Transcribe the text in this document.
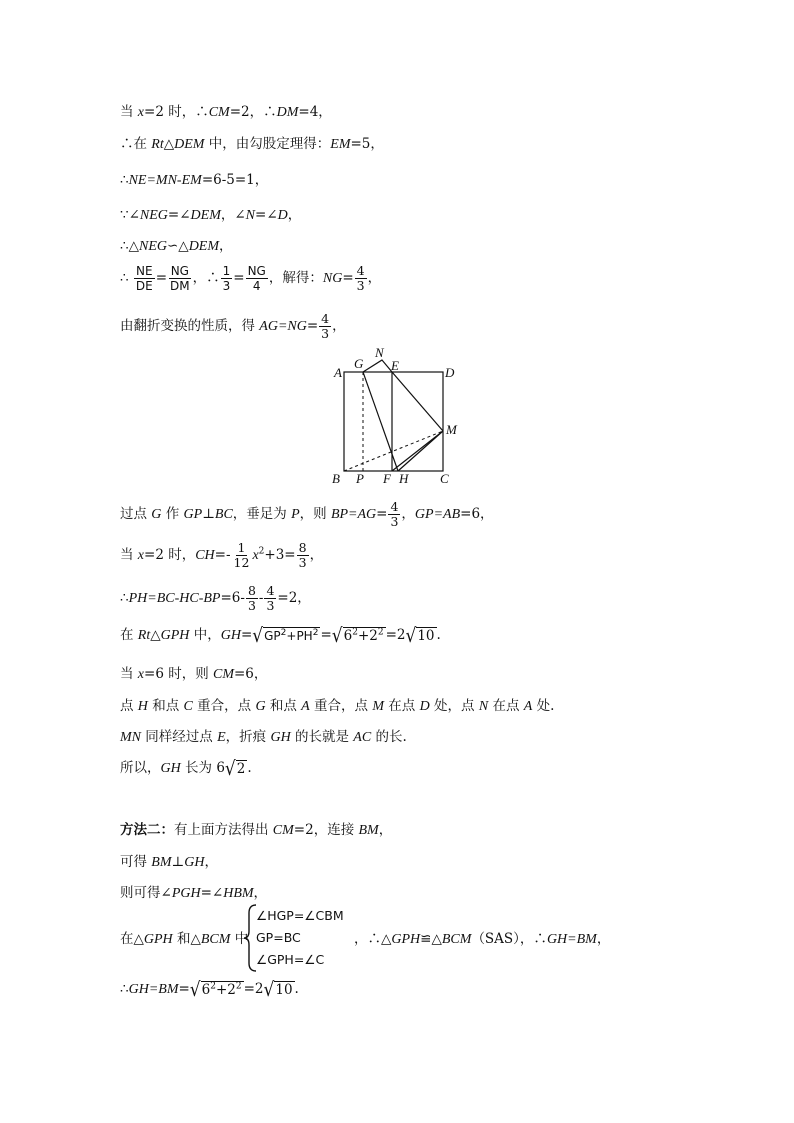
当 x=2 时，∴CM=2，∴DM=4，
∴在 Rt△DEM 中，由勾股定理得：EM=5，
∴NE=MN-EM=6-5=1，
∵∠NEG=∠DEM，∠N=∠D，
∴△NEG∽△DEM，
∴ $\frac{NE}{DE} = \frac{NG}{DM}$ ，∴ $\frac{1}{3} = \frac{NG}{4}$ ，解得：$NG= \frac{4}{3}$ ，
由翻折变换的性质，得 $AG=NG= \frac{4}{3}$ ，
A
G
N
E	D
M
B P F H C
过点 G 作 GP⊥BC，垂足为 P，则 $BP=AG= \frac{4}{3}$ ，GP=AB=6，
当 x=2 时，$CH=- \frac{1}{12} x^2+3= \frac{8}{3}$ ，
∴PH=BC-HC-BP=6- $\frac{8}{3} - \frac{4}{3} =2$，
在 Rt△GPH 中，$GH=√GP^2+PH^2 =√6^2+2^2 =2√10$ .
当 x=6 时，则 CM=6，
点 H 和点 C 重合，点 G 和点 A 重合，点 M 在点 D 处，点 N 在点 A 处.
MN 同样经过点 E，折痕 GH 的长就是 AC 的长.
所以，GH 长为 6√2 .
方法二：有上面方法得出 CM=2，连接 BM，
可得 BM⊥GH，
则可得∠PGH=∠HBM，
在△GPH 和△BCM 中
∠HGP=∠CBM
GP=BC
∠GPH=∠C
，∴△GPH≌△BCM（SAS），∴GH=BM，
$\therefore GH=BM=√6^2+2^2 =2√10$ .
